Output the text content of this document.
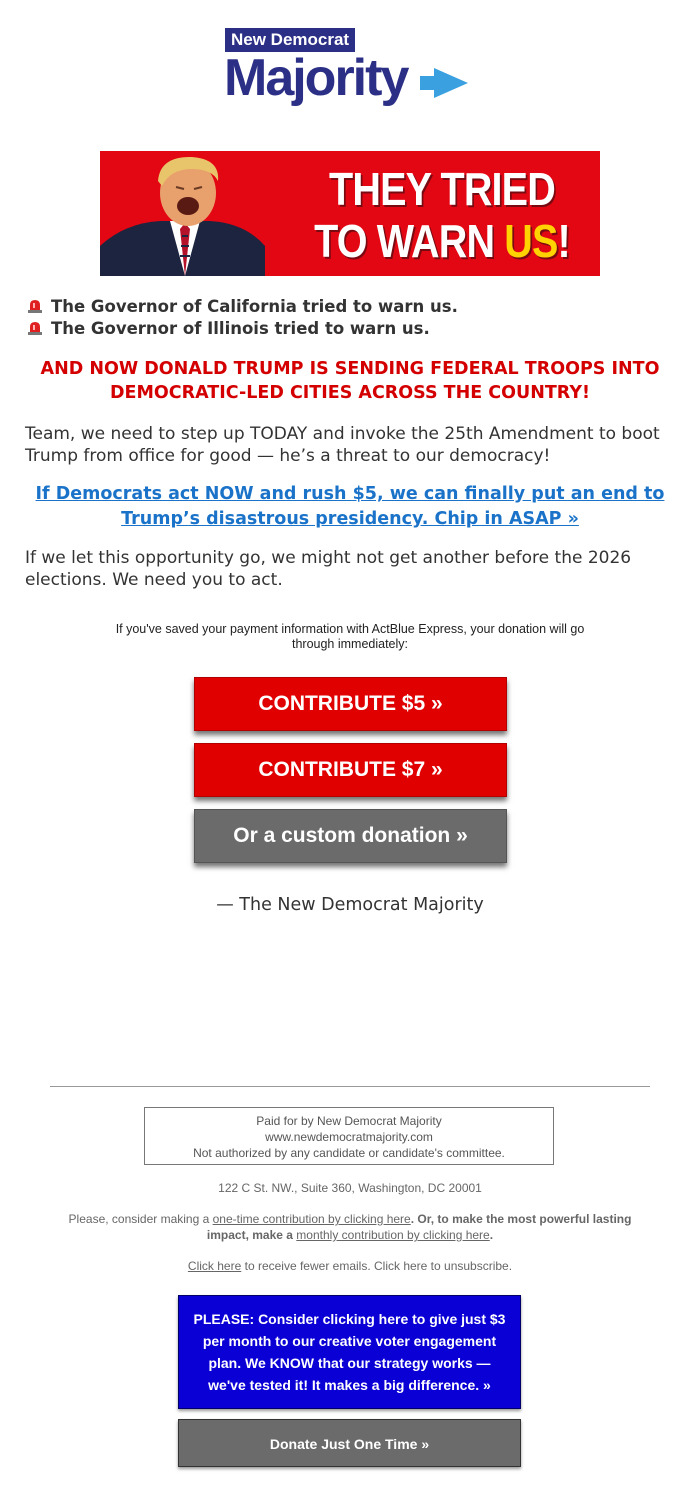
New Democrat
Majority
THEY TRIED
TO WARN US!
The Governor of California tried to warn us.
The Governor of Illinois tried to warn us.
AND NOW DONALD TRUMP IS SENDING FEDERAL TROOPS INTO DEMOCRATIC-LED CITIES ACROSS THE COUNTRY!
Team, we need to step up TODAY and invoke the 25th Amendment to boot Trump from office for good — he’s a threat to our democracy!
If Democrats act NOW and rush $5, we can finally put an end to Trump’s disastrous presidency. Chip in ASAP »
If we let this opportunity go, we might not get another before the 2026 elections. We need you to act.
If you've saved your payment information with ActBlue Express, your donation will go through immediately:
CONTRIBUTE $5 »
CONTRIBUTE $7 »
Or a custom donation »
— The New Democrat Majority
Paid for by New Democrat Majority
www.newdemocratmajority.com
Not authorized by any candidate or candidate's committee.
122 C St. NW., Suite 360, Washington, DC 20001
Please, consider making a one-time contribution by clicking here. Or, to make the most powerful lasting impact, make a monthly contribution by clicking here.
Click here to receive fewer emails. Click here to unsubscribe.
PLEASE: Consider clicking here to give just $3 per month to our creative voter engagement plan. We KNOW that our strategy works — we've tested it! It makes a big difference. »
Donate Just One Time »
